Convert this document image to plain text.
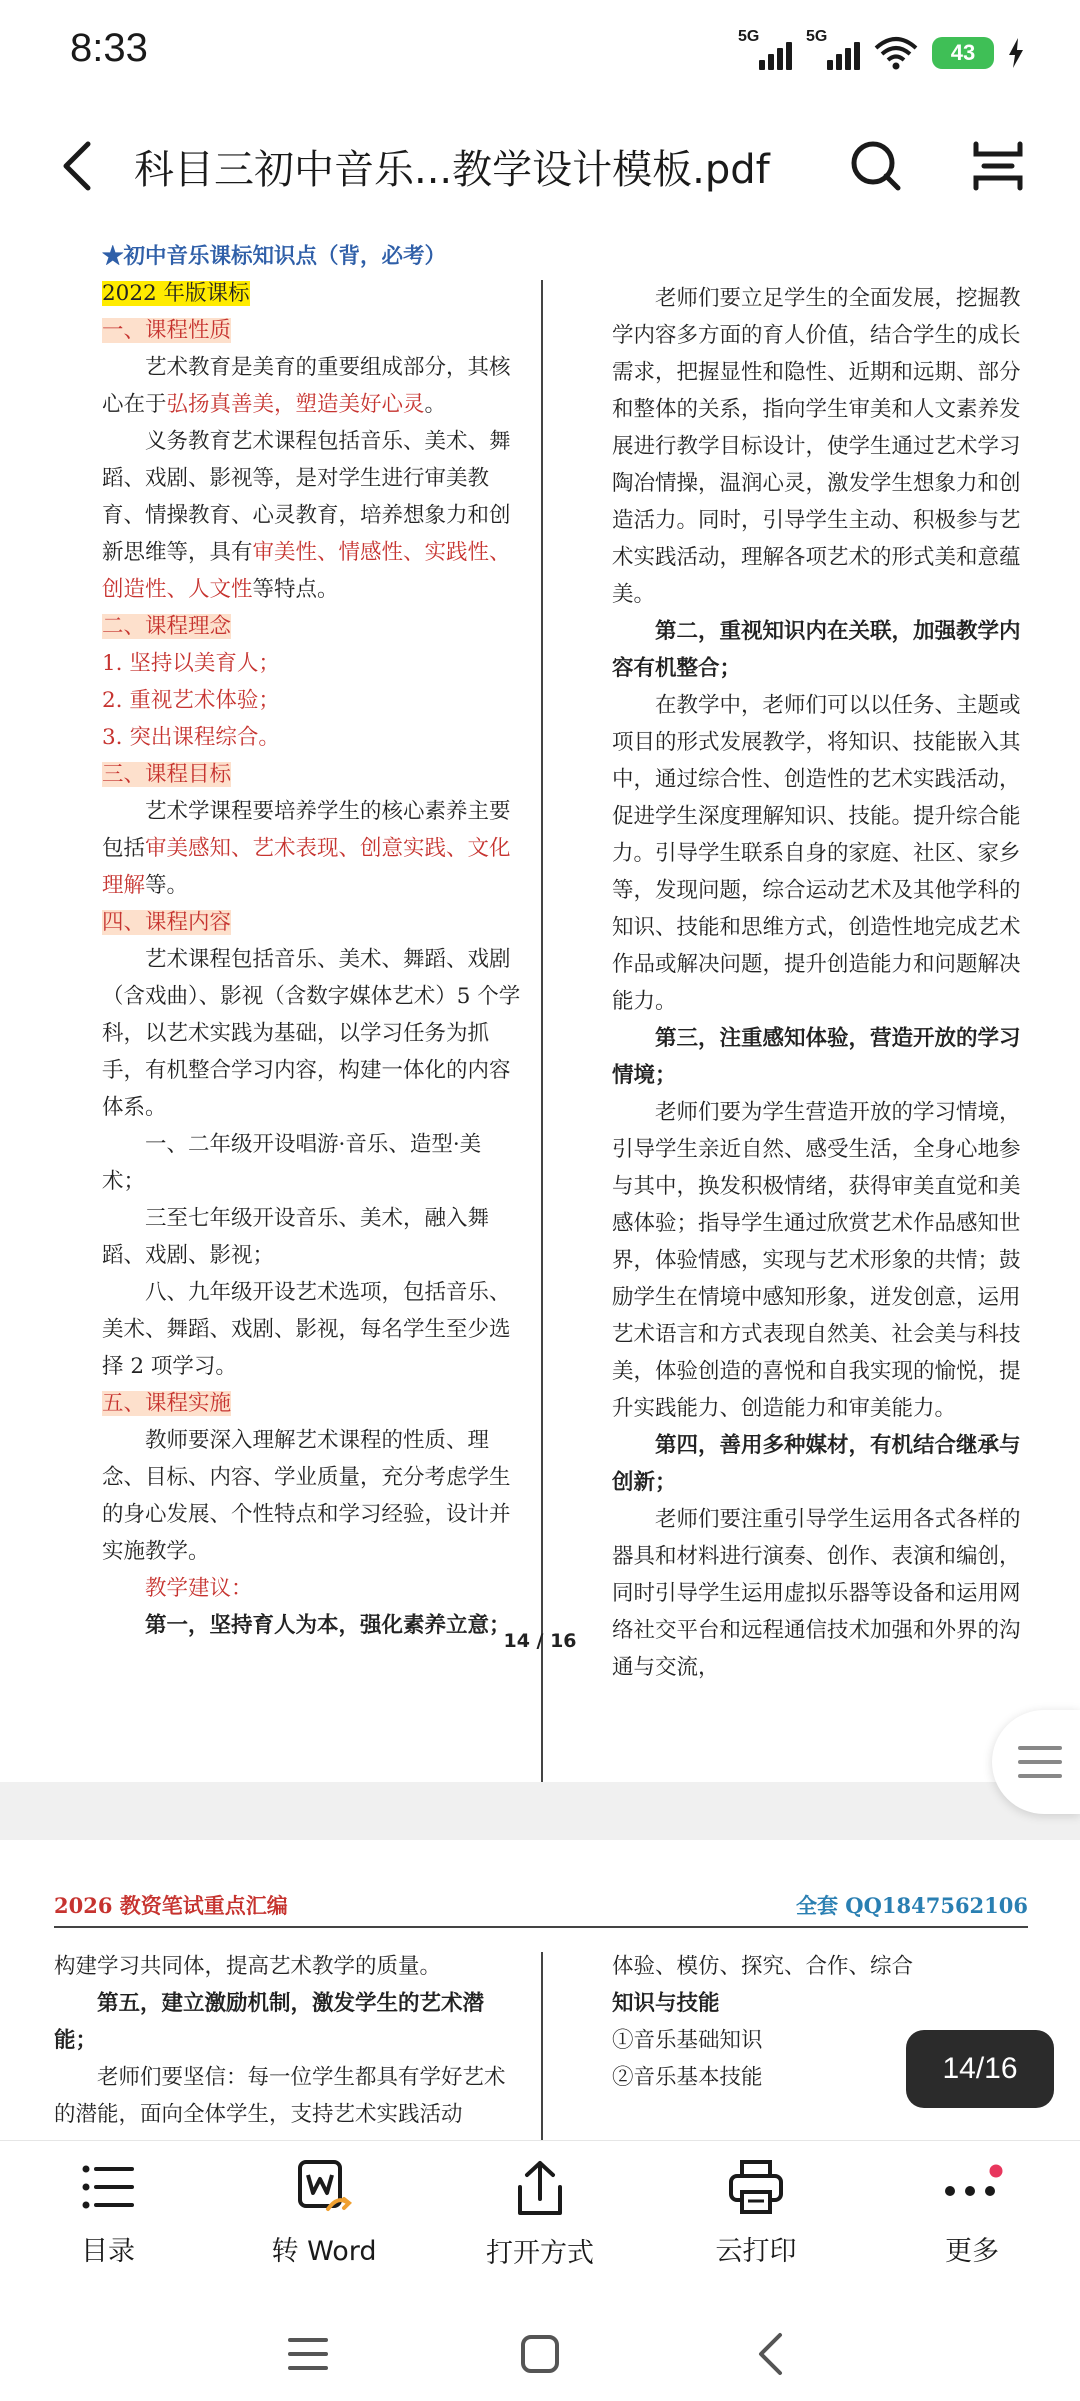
8:33	5G	5G
43
科目三初中音乐...教学设计模板.pdf

★初中音乐课标知识点（背，必考）

2022 年版课标

一、课程性质

艺术教育是美育的重要组成部分，其核心在于弘扬真善美，塑造美好心灵。

义务教育艺术课程包括音乐、美术、舞蹈、戏剧、影视等，是对学生进行审美教育、情操教育、心灵教育，培养想象力和创新思维等，具有审美性、情感性、实践性、创造性、人文性等特点。

二、课程理念

1. 坚持以美育人；

2. 重视艺术体验；

3. 突出课程综合。

三、课程目标

艺术学课程要培养学生的核心素养主要包括审美感知、艺术表现、创意实践、文化理解等。

四、课程内容

艺术课程包括音乐、美术、舞蹈、戏剧（含戏曲）、影视（含数字媒体艺术）5 个学科，以艺术实践为基础，以学习任务为抓手，有机整合学习内容，构建一体化的内容体系。

一、二年级开设唱游·音乐、造型·美术；

三至七年级开设音乐、美术，融入舞蹈、戏剧、影视；

八、九年级开设艺术选项，包括音乐、美术、舞蹈、戏剧、影视，每名学生至少选择 2 项学习。

五、课程实施

教师要深入理解艺术课程的性质、理念、目标、内容、学业质量，充分考虑学生的身心发展、个性特点和学习经验，设计并实施教学。

教学建议：

第一，坚持育人为本，强化素养立意；

老师们要立足学生的全面发展，挖掘教学内容多方面的育人价值，结合学生的成长需求，把握显性和隐性、近期和远期、部分和整体的关系，指向学生审美和人文素养发展进行教学目标设计，使学生通过艺术学习陶冶情操，温润心灵，激发学生想象力和创造活力。同时，引导学生主动、积极参与艺术实践活动，理解各项艺术的形式美和意蕴美。

第二，重视知识内在关联，加强教学内容有机整合；

在教学中，老师们可以以任务、主题或项目的形式发展教学，将知识、技能嵌入其中，通过综合性、创造性的艺术实践活动，促进学生深度理解知识、技能。提升综合能力。引导学生联系自身的家庭、社区、家乡等，发现问题，综合运动艺术及其他学科的知识、技能和思维方式，创造性地完成艺术作品或解决问题，提升创造能力和问题解决能力。

第三，注重感知体验，营造开放的学习情境；

老师们要为学生营造开放的学习情境，引导学生亲近自然、感受生活，全身心地参与其中，换发积极情绪，获得审美直觉和美感体验；指导学生通过欣赏艺术作品感知世界，体验情感，实现与艺术形象的共情；鼓励学生在情境中感知形象，迸发创意，运用艺术语言和方式表现自然美、社会美与科技美，体验创造的喜悦和自我实现的愉悦，提升实践能力、创造能力和审美能力。

第四，善用多种媒材，有机结合继承与创新；

老师们要注重引导学生运用各式各样的器具和材料进行演奏、创作、表演和编创，同时引导学生运用虚拟乐器等设备和运用网络社交平台和远程通信技术加强和外界的沟通与交流，

14 / 16
2026 教资笔试重点汇编	全套 QQ1847562106

构建学习共同体，提高艺术教学的质量。

第五，建立激励机制，激发学生的艺术潜能；

老师们要坚信：每一位学生都具有学好艺术的潜能，面向全体学生，支持艺术实践活动

体验、模仿、探究、合作、综合

知识与技能

①音乐基础知识

②音乐基本技能	14/16
目录	转 Word	打开方式	云打印	更多
